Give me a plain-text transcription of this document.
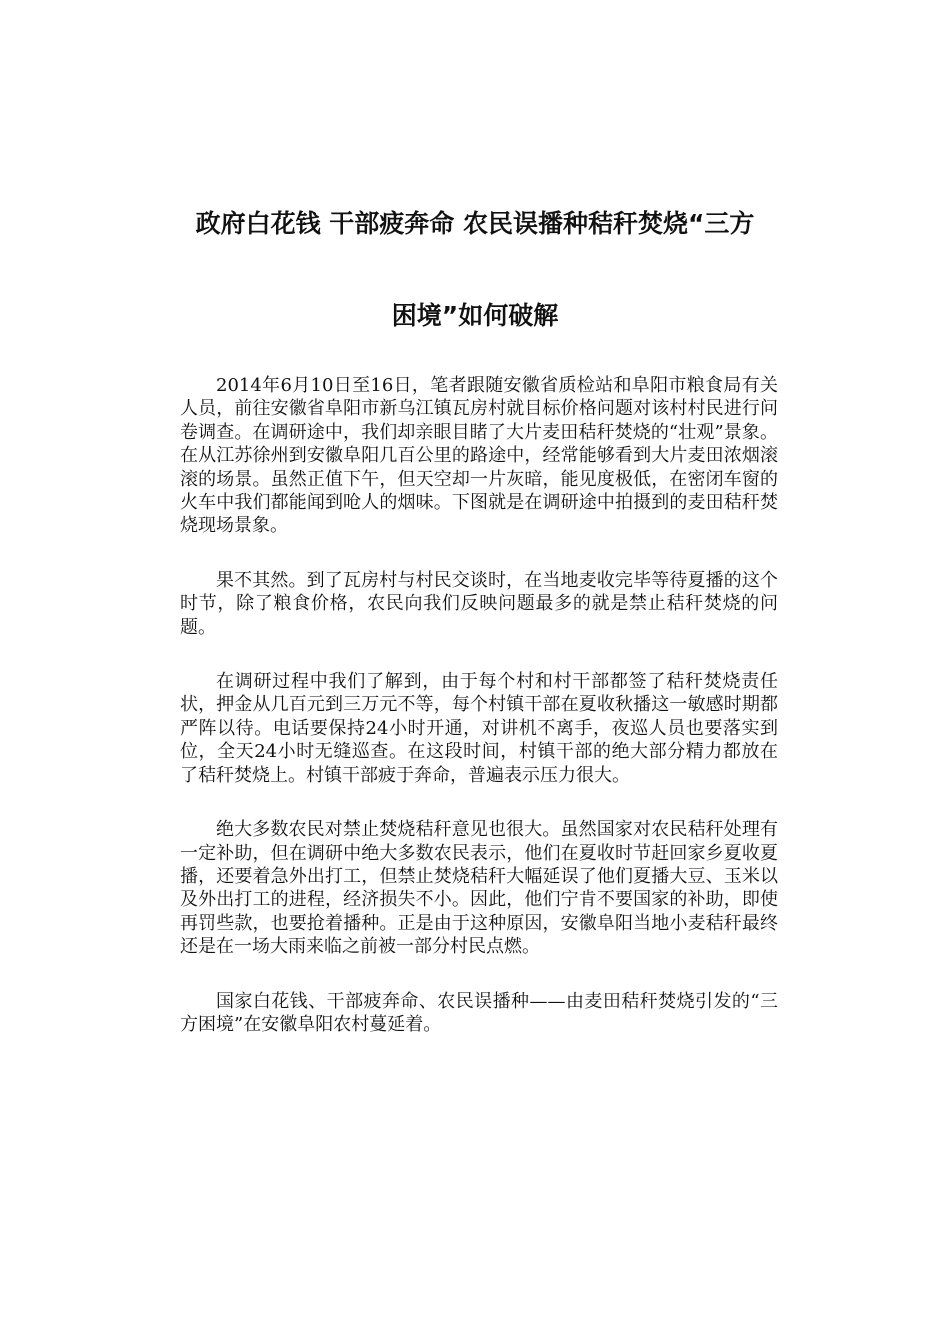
政府白花钱 干部疲奔命 农民误播种秸秆焚烧“三方
困境”如何破解

2014年6月10日至16日，笔者跟随安徽省质检站和阜阳市粮食局有关人员，前往安徽省阜阳市新乌江镇瓦房村就目标价格问题对该村村民进行问卷调查。在调研途中，我们却亲眼目睹了大片麦田秸秆焚烧的“壮观”景象。在从江苏徐州到安徽阜阳几百公里的路途中，经常能够看到大片麦田浓烟滚滚的场景。虽然正值下午，但天空却一片灰暗，能见度极低，在密闭车窗的火车中我们都能闻到呛人的烟味。下图就是在调研途中拍摄到的麦田秸秆焚烧现场景象。

果不其然。到了瓦房村与村民交谈时，在当地麦收完毕等待夏播的这个时节，除了粮食价格，农民向我们反映问题最多的就是禁止秸秆焚烧的问题。

在调研过程中我们了解到，由于每个村和村干部都签了秸秆焚烧责任状，押金从几百元到三万元不等，每个村镇干部在夏收秋播这一敏感时期都严阵以待。电话要保持24小时开通，对讲机不离手，夜巡人员也要落实到位，全天24小时无缝巡查。在这段时间，村镇干部的绝大部分精力都放在了秸秆焚烧上。村镇干部疲于奔命，普遍表示压力很大。

绝大多数农民对禁止焚烧秸秆意见也很大。虽然国家对农民秸秆处理有一定补助，但在调研中绝大多数农民表示，他们在夏收时节赶回家乡夏收夏播，还要着急外出打工，但禁止焚烧秸秆大幅延误了他们夏播大豆、玉米以及外出打工的进程，经济损失不小。因此，他们宁肯不要国家的补助，即使再罚些款，也要抢着播种。正是由于这种原因，安徽阜阳当地小麦秸秆最终还是在一场大雨来临之前被一部分村民点燃。

国家白花钱、干部疲奔命、农民误播种——由麦田秸秆焚烧引发的“三方困境”在安徽阜阳农村蔓延着。
